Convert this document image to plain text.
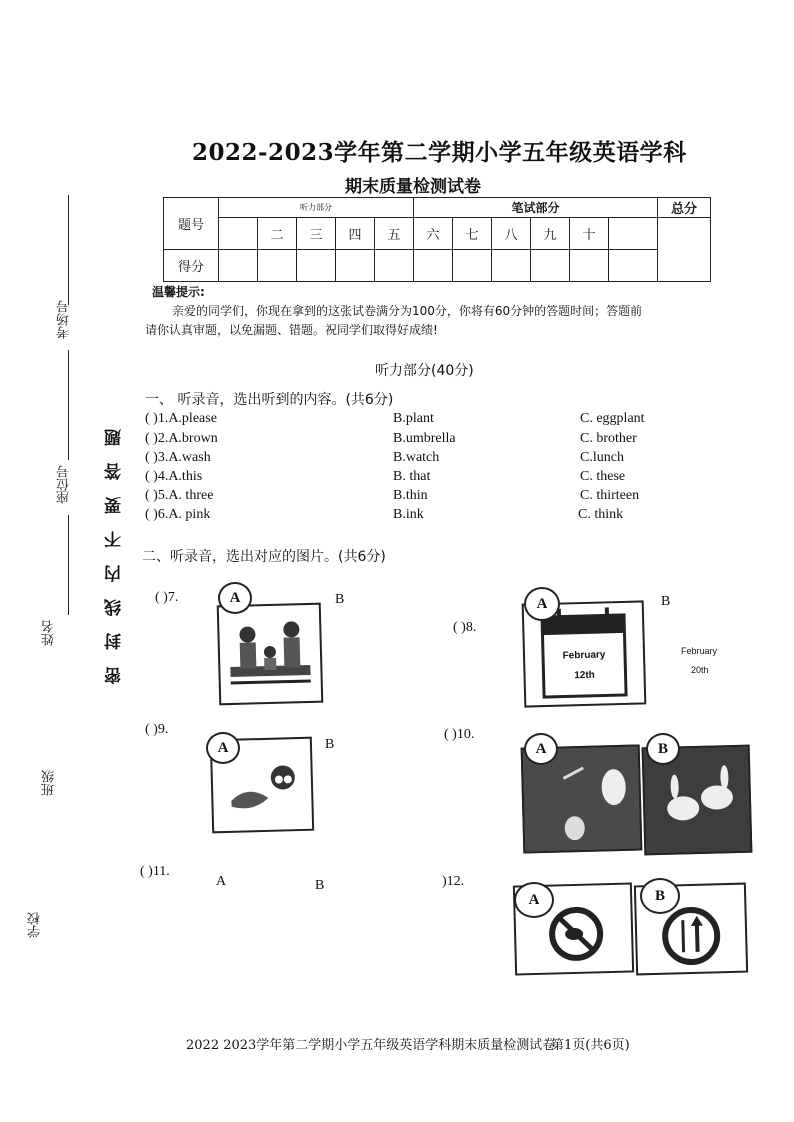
考场号
座位号
姓名
班级
学校
密封线内不要答题
2022-2023学年第二学期小学五年级英语学科
期末质量检测试卷
题号	听力部分					笔试部分						总分
		二	三	四	五	六	七	八	九	十		
得分												
温馨提示:
亲爱的同学们，你现在拿到的这张试卷满分为100分，你将有60分钟的答题时间；答题前
请你认真审题，以免漏题、错题。祝同学们取得好成绩!
听力部分(40分)
一、 听录音，选出听到的内容。(共6分)
( )1.A.please	B.plant	C. eggplant
( )2.A.brown	B.umbrella	C. brother
( )3.A.wash	B.watch	C.lunch
( )4.A.this	B. that	C. these
( )5.A. three	B.thin	C. thirteen
( )6.A. pink	B.ink	C. think
二、听录音，选出对应的图片。(共6分)
( )7.	A	B
( )8.
February
12th
A	B
February
20th
( )9.
A	B
( )10.
A	B
( )11.
A	B	)12.
A	B
2022 2023学年第二学期小学五年级英语学科期末质量检测试卷
第1页(共6页)
